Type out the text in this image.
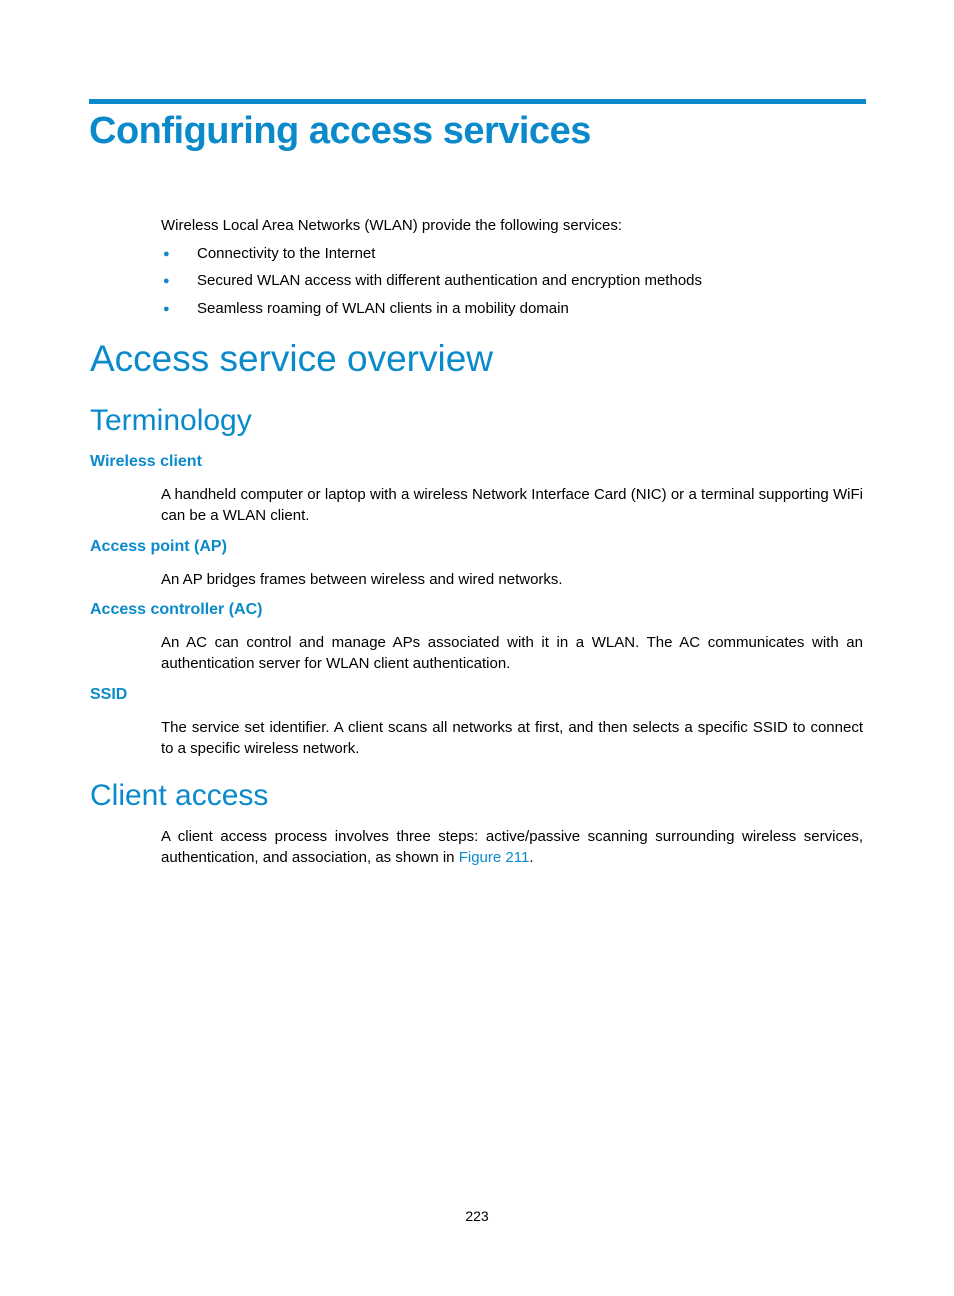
Configuring access services
Wireless Local Area Networks (WLAN) provide the following services:
● Connectivity to the Internet
● Secured WLAN access with different authentication and encryption methods
● Seamless roaming of WLAN clients in a mobility domain
Access service overview
Terminology
Wireless client
A handheld computer or laptop with a wireless Network Interface Card (NIC) or a terminal supporting WiFi can be a WLAN client.
Access point (AP)
An AP bridges frames between wireless and wired networks.
Access controller (AC)
An AC can control and manage APs associated with it in a WLAN. The AC communicates with an authentication server for WLAN client authentication.
SSID
The service set identifier. A client scans all networks at first, and then selects a specific SSID to connect to a specific wireless network.
Client access
A client access process involves three steps: active/passive scanning surrounding wireless services, authentication, and association, as shown in Figure 211.
223
